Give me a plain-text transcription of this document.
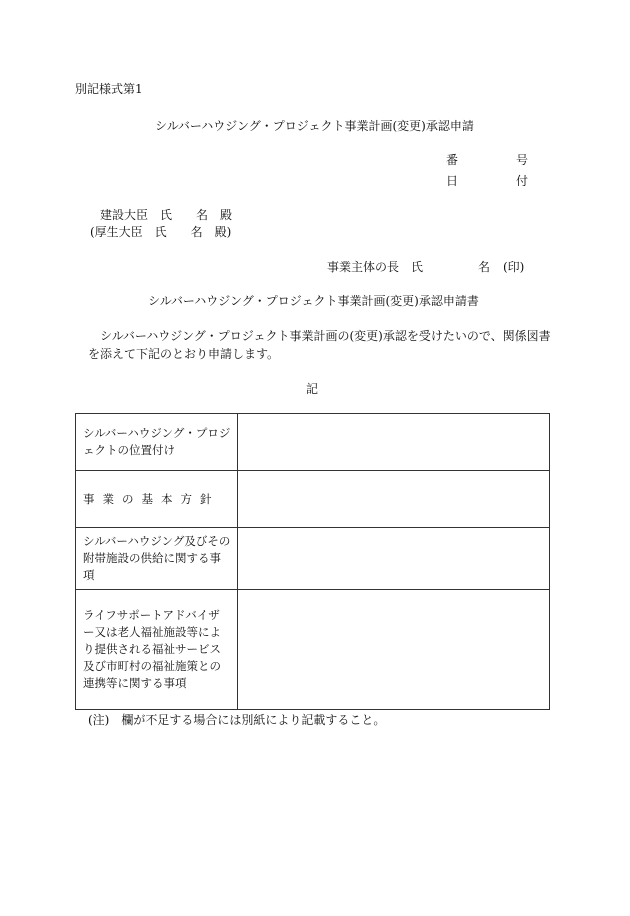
別記様式第1
シルバーハウジング・プロジェクト事業計画(変更)承認申請
番	号
日	付
建設大臣　氏　　名　殿
(厚生大臣　氏　　名　殿)
事業主体の長　氏	名 (印)
シルバーハウジング・プロジェクト事業計画(変更)承認申請書
シルバーハウジング・プロジェクト事業計画の(変更)承認を受けたいので、関係図書
を添えて下記のとおり申請します。
記
シルバーハウジング・プロジェクトの位置付け	
事業の基本方針	
シルバーハウジング及びその附帯施設の供給に関する事項	
ライフサポートアドバイザー又は老人福祉施設等により提供される福祉サービス及び市町村の福祉施策との連携等に関する事項	
(注)　欄が不足する場合には別紙により記載すること。
